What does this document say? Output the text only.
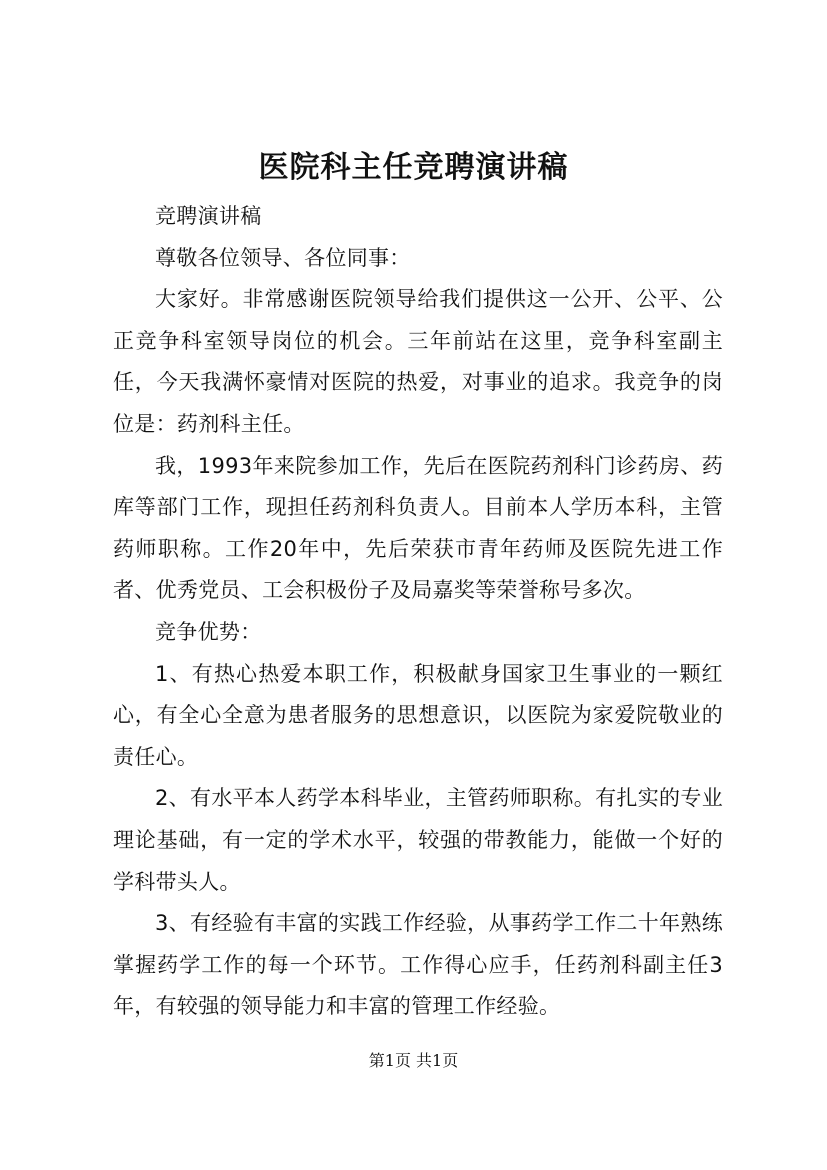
医院科主任竞聘演讲稿

竞聘演讲稿

尊敬各位领导、各位同事：

大家好。非常感谢医院领导给我们提供这一公开、公平、公正竞争科室领导岗位的机会。三年前站在这里，竞争科室副主任，今天我满怀豪情对医院的热爱，对事业的追求。我竞争的岗位是：药剂科主任。

我，1993年来院参加工作，先后在医院药剂科门诊药房、药库等部门工作，现担任药剂科负责人。目前本人学历本科，主管药师职称。工作20年中，先后荣获市青年药师及医院先进工作者、优秀党员、工会积极份子及局嘉奖等荣誉称号多次。

竞争优势：

1、有热心热爱本职工作，积极献身国家卫生事业的一颗红心，有全心全意为患者服务的思想意识，以医院为家爱院敬业的责任心。

2、有水平本人药学本科毕业，主管药师职称。有扎实的专业理论基础，有一定的学术水平，较强的带教能力，能做一个好的学科带头人。

3、有经验有丰富的实践工作经验，从事药学工作二十年熟练掌握药学工作的每一个环节。工作得心应手，任药剂科副主任3年，有较强的领导能力和丰富的管理工作经验。

第1页 共1页
